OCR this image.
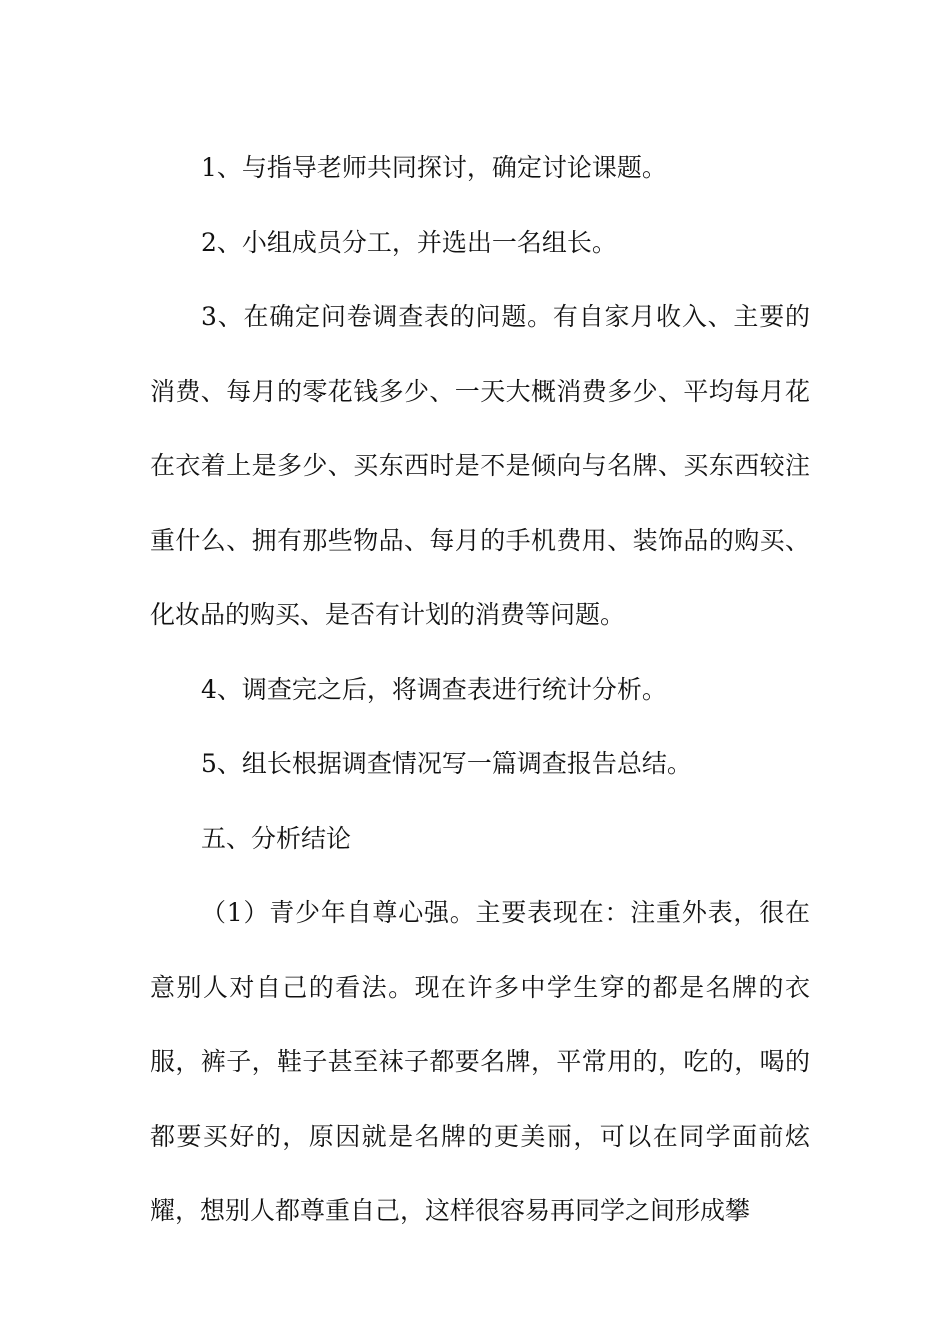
1、与指导老师共同探讨，确定讨论课题。

2、小组成员分工，并选出一名组长。

3、在确定问卷调查表的问题。有自家月收入、主要的消费、每月的零花钱多少、一天大概消费多少、平均每月花在衣着上是多少、买东西时是不是倾向与名牌、买东西较注重什么、拥有那些物品、每月的手机费用、装饰品的购买、化妆品的购买、是否有计划的消费等问题。

4、调查完之后，将调查表进行统计分析。

5、组长根据调查情况写一篇调查报告总结。

五、分析结论

（1）青少年自尊心强。主要表现在：注重外表，很在意别人对自己的看法。现在许多中学生穿的都是名牌的衣服，裤子，鞋子甚至袜子都要名牌，平常用的，吃的，喝的都要买好的，原因就是名牌的更美丽，可以在同学面前炫耀，想别人都尊重自己，这样很容易再同学之间形成攀
